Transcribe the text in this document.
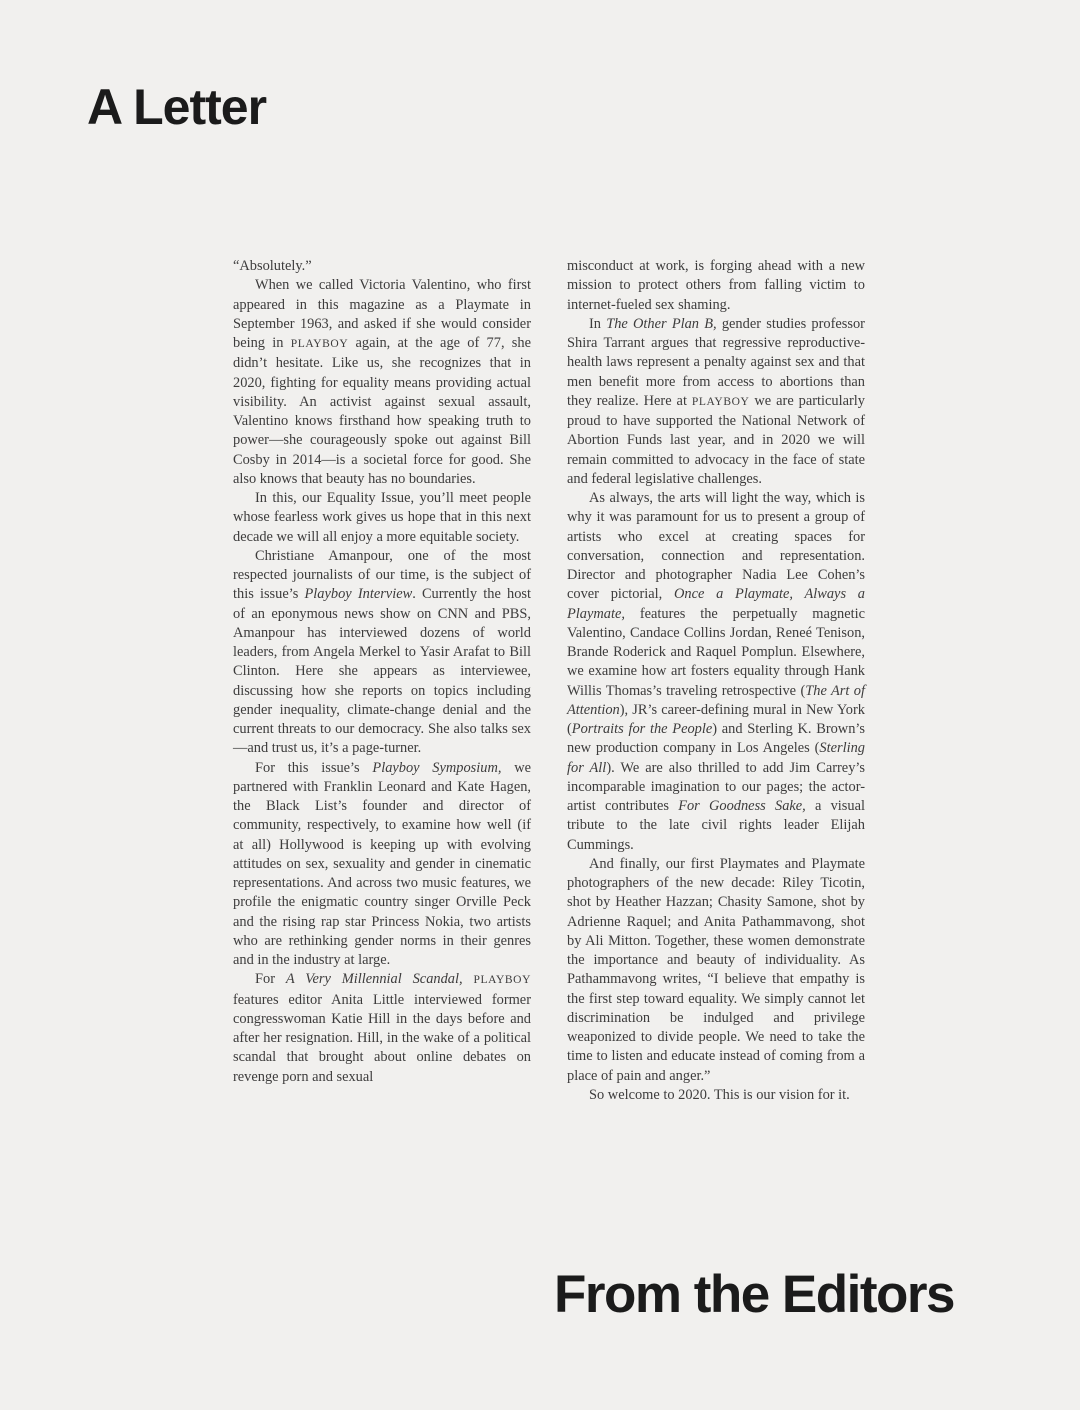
A Letter

“Absolutely.”

When we called Victoria Valentino, who first appeared in this magazine as a Playmate in September 1963, and asked if she would consider being in PLAYBOY again, at the age of 77, she didn’t hesitate. Like us, she recognizes that in 2020, fighting for equality means providing actual visibility. An activist against sexual assault, Valentino knows firsthand how speaking truth to power—she courageously spoke out against Bill Cosby in 2014—is a societal force for good. She also knows that beauty has no boundaries.

In this, our Equality Issue, you’ll meet people whose fearless work gives us hope that in this next decade we will all enjoy a more equitable society.

Christiane Amanpour, one of the most respected journalists of our time, is the subject of this issue’s Playboy Interview. Currently the host of an eponymous news show on CNN and PBS, Amanpour has interviewed dozens of world leaders, from Angela Merkel to Yasir Arafat to Bill Clinton. Here she appears as interviewee, discussing how she reports on topics including gender inequality, climate-change denial and the current threats to our democracy. She also talks sex—and trust us, it’s a page-turner.

For this issue’s Playboy Symposium, we partnered with Franklin Leonard and Kate Hagen, the Black List’s founder and director of community, respectively, to examine how well (if at all) Hollywood is keeping up with evolving attitudes on sex, sexuality and gender in cinematic representations. And across two music features, we profile the enigmatic country singer Orville Peck and the rising rap star Princess Nokia, two artists who are rethinking gender norms in their genres and in the industry at large.

For A Very Millennial Scandal, PLAYBOY features editor Anita Little interviewed former congresswoman Katie Hill in the days before and after her resignation. Hill, in the wake of a political scandal that brought about online debates on revenge porn and sexual

misconduct at work, is forging ahead with a new mission to protect others from falling victim to internet-fueled sex shaming.

In The Other Plan B, gender studies professor Shira Tarrant argues that regressive reproductive-health laws represent a penalty against sex and that men benefit more from access to abortions than they realize. Here at PLAYBOY we are particularly proud to have supported the National Network of Abortion Funds last year, and in 2020 we will remain committed to advocacy in the face of state and federal legislative challenges.

As always, the arts will light the way, which is why it was paramount for us to present a group of artists who excel at creating spaces for conversation, connection and representation. Director and photographer Nadia Lee Cohen’s cover pictorial, Once a Playmate, Always a Playmate, features the perpetually magnetic Valentino, Candace Collins Jordan, Reneé Tenison, Brande Roderick and Raquel Pomplun. Elsewhere, we examine how art fosters equality through Hank Willis Thomas’s traveling retrospective (The Art of Attention), JR’s career-defining mural in New York (Portraits for the People) and Sterling K. Brown’s new production company in Los Angeles (Sterling for All). We are also thrilled to add Jim Carrey’s incomparable imagination to our pages; the actor-artist contributes For Goodness Sake, a visual tribute to the late civil rights leader Elijah Cummings.

And finally, our first Playmates and Playmate photographers of the new decade: Riley Ticotin, shot by Heather Hazzan; Chasity Samone, shot by Adrienne Raquel; and Anita Pathammavong, shot by Ali Mitton. Together, these women demonstrate the importance and beauty of individuality. As Pathammavong writes, “I believe that empathy is the first step toward equality. We simply cannot let discrimination be indulged and privilege weaponized to divide people. We need to take the time to listen and educate instead of coming from a place of pain and anger.”

So welcome to 2020. This is our vision for it.

From the Editors
